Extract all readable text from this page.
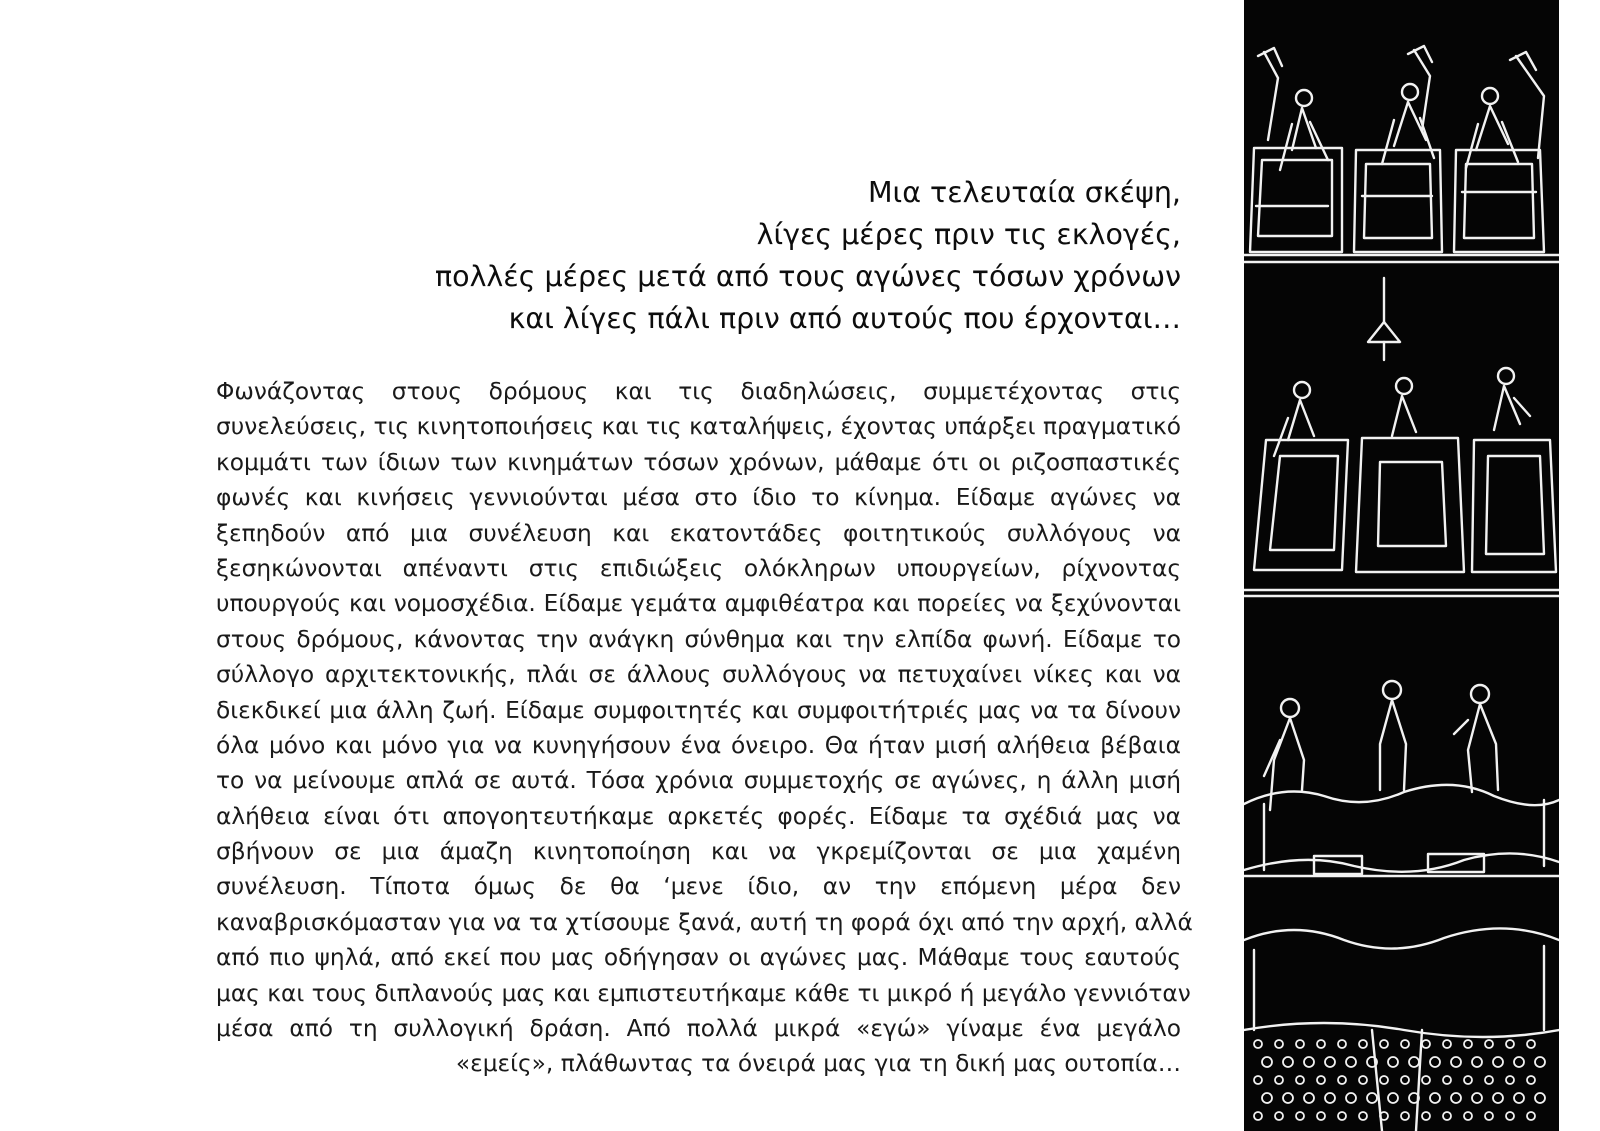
Μια τελευταία σκέψη,
λίγες μέρες πριν τις εκλογές,
πολλές μέρες μετά από τους αγώνες τόσων χρόνων
και λίγες πάλι πριν από αυτούς που έρχονται…
Φωνάζοντας στους δρόμους και τις διαδηλώσεις, συμμετέχοντας στις
συνελεύσεις, τις κινητοποιήσεις και τις καταλήψεις, έχοντας υπάρξει πραγματικό
κομμάτι των ίδιων των κινημάτων τόσων χρόνων, μάθαμε ότι οι ριζοσπαστικές
φωνές και κινήσεις γεννιούνται μέσα στο ίδιο το κίνημα. Είδαμε αγώνες να
ξεπηδούν από μια συνέλευση και εκατοντάδες φοιτητικούς συλλόγους να
ξεσηκώνονται απέναντι στις επιδιώξεις ολόκληρων υπουργείων, ρίχνοντας
υπουργούς και νομοσχέδια. Είδαμε γεμάτα αμφιθέατρα και πορείες να ξεχύνονται
στους δρόμους, κάνοντας την ανάγκη σύνθημα και την ελπίδα φωνή. Είδαμε το
σύλλογο αρχιτεκτονικής, πλάι σε άλλους συλλόγους να πετυχαίνει νίκες και να
διεκδικεί μια άλλη ζωή. Είδαμε συμφοιτητές και συμφοιτήτριές μας να τα δίνουν
όλα μόνο και μόνο για να κυνηγήσουν ένα όνειρο. Θα ήταν μισή αλήθεια βέβαια
το να μείνουμε απλά σε αυτά. Τόσα χρόνια συμμετοχής σε αγώνες, η άλλη μισή
αλήθεια είναι ότι απογοητευτήκαμε αρκετές φορές. Είδαμε τα σχέδιά μας να
σβήνουν σε μια άμαζη κινητοποίηση και να γκρεμίζονται σε μια χαμένη
συνέλευση. Τίποτα όμως δε θα ‘μενε ίδιο, αν την επόμενη μέρα δεν
καναβρισκόμασταν για να τα χτίσουμε ξανά, αυτή τη φορά όχι από την αρχή, αλλά
από πιο ψηλά, από εκεί που μας οδήγησαν οι αγώνες μας. Μάθαμε τους εαυτούς
μας και τους διπλανούς μας και εμπιστευτήκαμε κάθε τι μικρό ή μεγάλο γεννιόταν
μέσα από τη συλλογική δράση. Από πολλά μικρά «εγώ» γίναμε ένα μεγάλο
«εμείς», πλάθωντας τα όνειρά μας για τη δική μας ουτοπία…
